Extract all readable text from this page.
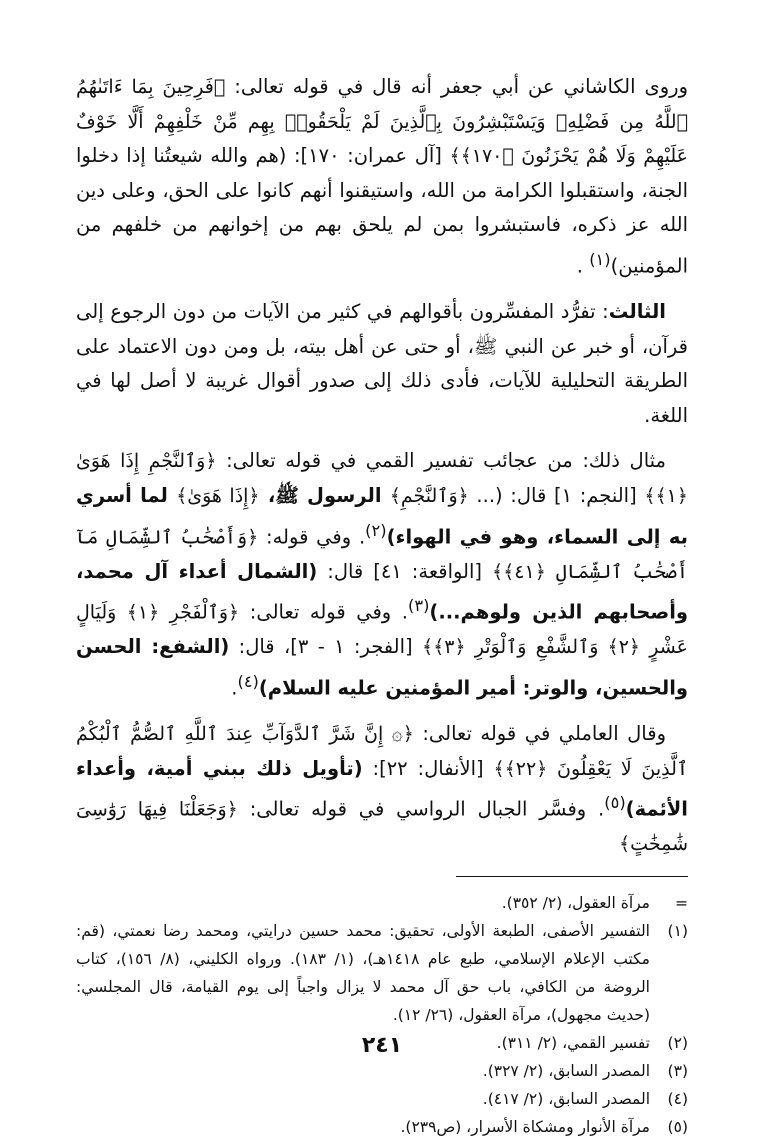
وروى الكاشاني عن أبي جعفر أنه قال في قوله تعالى: ﴿فَرِحِينَ بِمَا ءَاتَىٰهُمُ ٱللَّهُ مِن فَضْلِهِۦ وَيَسْتَبْشِرُونَ بِٱلَّذِينَ لَمْ يَلْحَقُوا۟ بِهِم مِّنْ خَلْفِهِمْ أَلَّا خَوْفٌ عَلَيْهِمْ وَلَا هُمْ يَحْزَنُونَ ﴿١٧٠﴾﴾ [آل عمران: ١٧٠]: (هم والله شيعتُنا إذا دخلوا الجنة، واستقبلوا الكرامة من الله، واستيقنوا أنهم كانوا على الحق، وعلى دين الله عز ذكره، فاستبشروا بمن لم يلحق بهم من إخوانهم من خلفهم من المؤمنين)$^{(١)}$ .

الثالث: تفرُّد المفسِّرون بأقوالهم في كثير من الآيات من دون الرجوع إلى قرآن، أو خبر عن النبي ﷺ، أو حتى عن أهل بيته، بل ومن دون الاعتماد على الطريقة التحليلية للآيات، فأدى ذلك إلى صدور أقوال غريبة لا أصل لها في اللغة.

مثال ذلك: من عجائب تفسير القمي في قوله تعالى: ﴿وَٱلنَّجْمِ إِذَا هَوَىٰ ﴿١﴾﴾ [النجم: ١] قال: (... ﴿وَٱلنَّجْمِ﴾ الرسول ﷺ، ﴿إِذَا هَوَىٰ﴾ لما أسري به إلى السماء، وهو في الهواء)$^{(٢)}$. وفي قوله: ﴿وَأَصْحَٰبُ ٱلشِّمَالِ مَآ أَصْحَٰبُ ٱلشِّمَالِ ﴿٤١﴾﴾ [الواقعة: ٤١] قال: (الشمال أعداء آل محمد، وأصحابهم الذين ولوهم...)$^{(٣)}$. وفي قوله تعالى: ﴿وَٱلْفَجْرِ ﴿١﴾ وَلَيَالٍ عَشْرٍ ﴿٢﴾ وَٱلشَّفْعِ وَٱلْوَتْرِ ﴿٣﴾﴾ [الفجر: ١ - ٣]، قال: (الشفع: الحسن والحسين، والوتر: أمير المؤمنين عليه السلام)$^{(٤)}$.

وقال العاملي في قوله تعالى: ﴿۞ إِنَّ شَرَّ ٱلدَّوَآبِّ عِندَ ٱللَّهِ ٱلصُّمُّ ٱلْبُكْمُ ٱلَّذِينَ لَا يَعْقِلُونَ ﴿٢٢﴾﴾ [الأنفال: ٢٢]: (تأويل ذلك ببني أمية، وأعداء الأئمة)$^{(٥)}$. وفسَّر الجبال الرواسي في قوله تعالى: ﴿وَجَعَلْنَا فِيهَا رَوَٰسِىَ شَٰمِخَٰتٍ﴾

=
مرآة العقول، (٢/ ٣٥٢).
(١)
التفسير الأصفى، الطبعة الأولى، تحقيق: محمد حسين درايتي، ومحمد رضا نعمتي، (قم: مكتب الإعلام الإسلامي، طبع عام ١٤١٨هـ)، (١/ ١٨٣). ورواه الكليني، (٨/ ١٥٦)، كتاب الروضة من الكافي، باب حق آل محمد لا يزال واجباً إلى يوم القيامة، قال المجلسي: (حديث مجهول)، مرآة العقول، (٢٦/ ١٢).
(٢)
تفسير القمي، (٢/ ٣١١).
(٣)
المصدر السابق، (٢/ ٣٢٧).
(٤)
المصدر السابق، (٢/ ٤١٧).
(٥)
مرآة الأنوار ومشكاة الأسرار، (ص٢٣٩).
٢٤١
